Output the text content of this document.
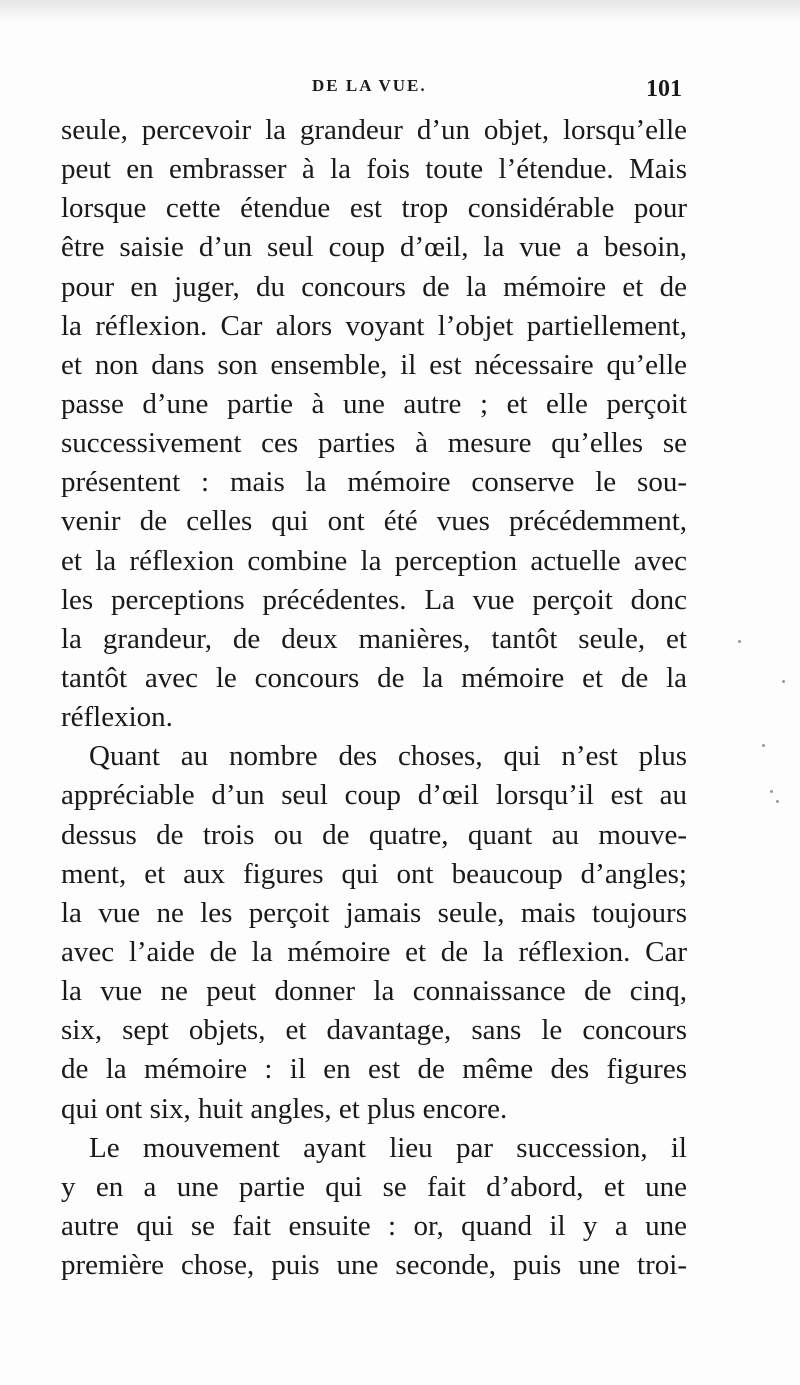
DE LA VUE.	101
seule, percevoir la grandeur d’un objet, lorsqu’elle
peut en embrasser à la fois toute l’étendue. Mais
lorsque cette étendue est trop considérable pour
être saisie d’un seul coup d’œil, la vue a besoin,
pour en juger, du concours de la mémoire et de
la réflexion. Car alors voyant l’objet partiellement,
et non dans son ensemble, il est nécessaire qu’elle
passe d’une partie à une autre ; et elle perçoit
successivement ces parties à mesure qu’elles se
présentent : mais la mémoire conserve le sou-
venir de celles qui ont été vues précédemment,
et la réflexion combine la perception actuelle avec
les perceptions précédentes. La vue perçoit donc
la grandeur, de deux manières, tantôt seule, et
tantôt avec le concours de la mémoire et de la
réflexion.
Quant au nombre des choses, qui n’est plus
appréciable d’un seul coup d’œil lorsqu’il est au
dessus de trois ou de quatre, quant au mouve-
ment, et aux figures qui ont beaucoup d’angles;
la vue ne les perçoit jamais seule, mais toujours
avec l’aide de la mémoire et de la réflexion. Car
la vue ne peut donner la connaissance de cinq,
six, sept objets, et davantage, sans le concours
de la mémoire : il en est de même des figures
qui ont six, huit angles, et plus encore.
Le mouvement ayant lieu par succession, il
y en a une partie qui se fait d’abord, et une
autre qui se fait ensuite : or, quand il y a une
première chose, puis une seconde, puis une troi-
